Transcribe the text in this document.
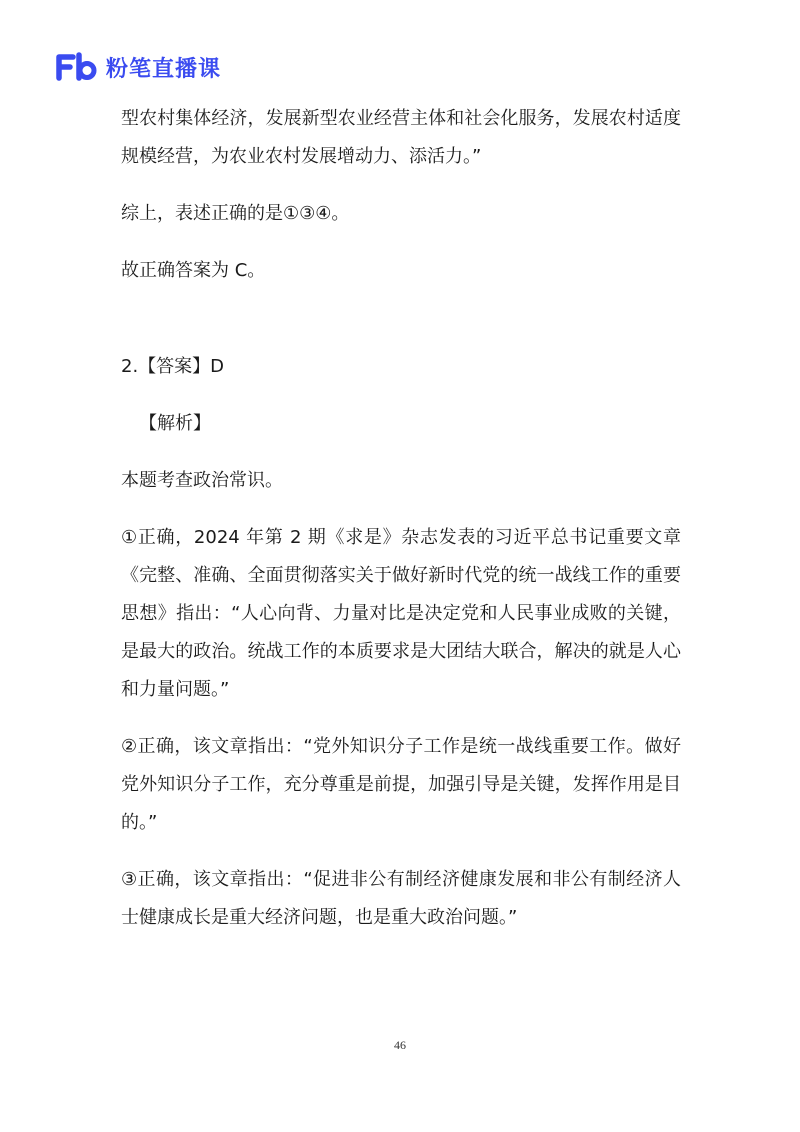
粉笔直播课

型农村集体经济，发展新型农业经营主体和社会化服务，发展农村适度规模经营，为农业农村发展增动力、添活力。”

综上，表述正确的是①③④。

故正确答案为 C。

2.【答案】D

【解析】

本题考查政治常识。

①正确，2024 年第 2 期《求是》杂志发表的习近平总书记重要文章《完整、准确、全面贯彻落实关于做好新时代党的统一战线工作的重要思想》指出：“人心向背、力量对比是决定党和人民事业成败的关键，是最大的政治。统战工作的本质要求是大团结大联合，解决的就是人心和力量问题。”

②正确，该文章指出：“党外知识分子工作是统一战线重要工作。做好党外知识分子工作，充分尊重是前提，加强引导是关键，发挥作用是目的。”

③正确，该文章指出：“促进非公有制经济健康发展和非公有制经济人士健康成长是重大经济问题，也是重大政治问题。”

46
